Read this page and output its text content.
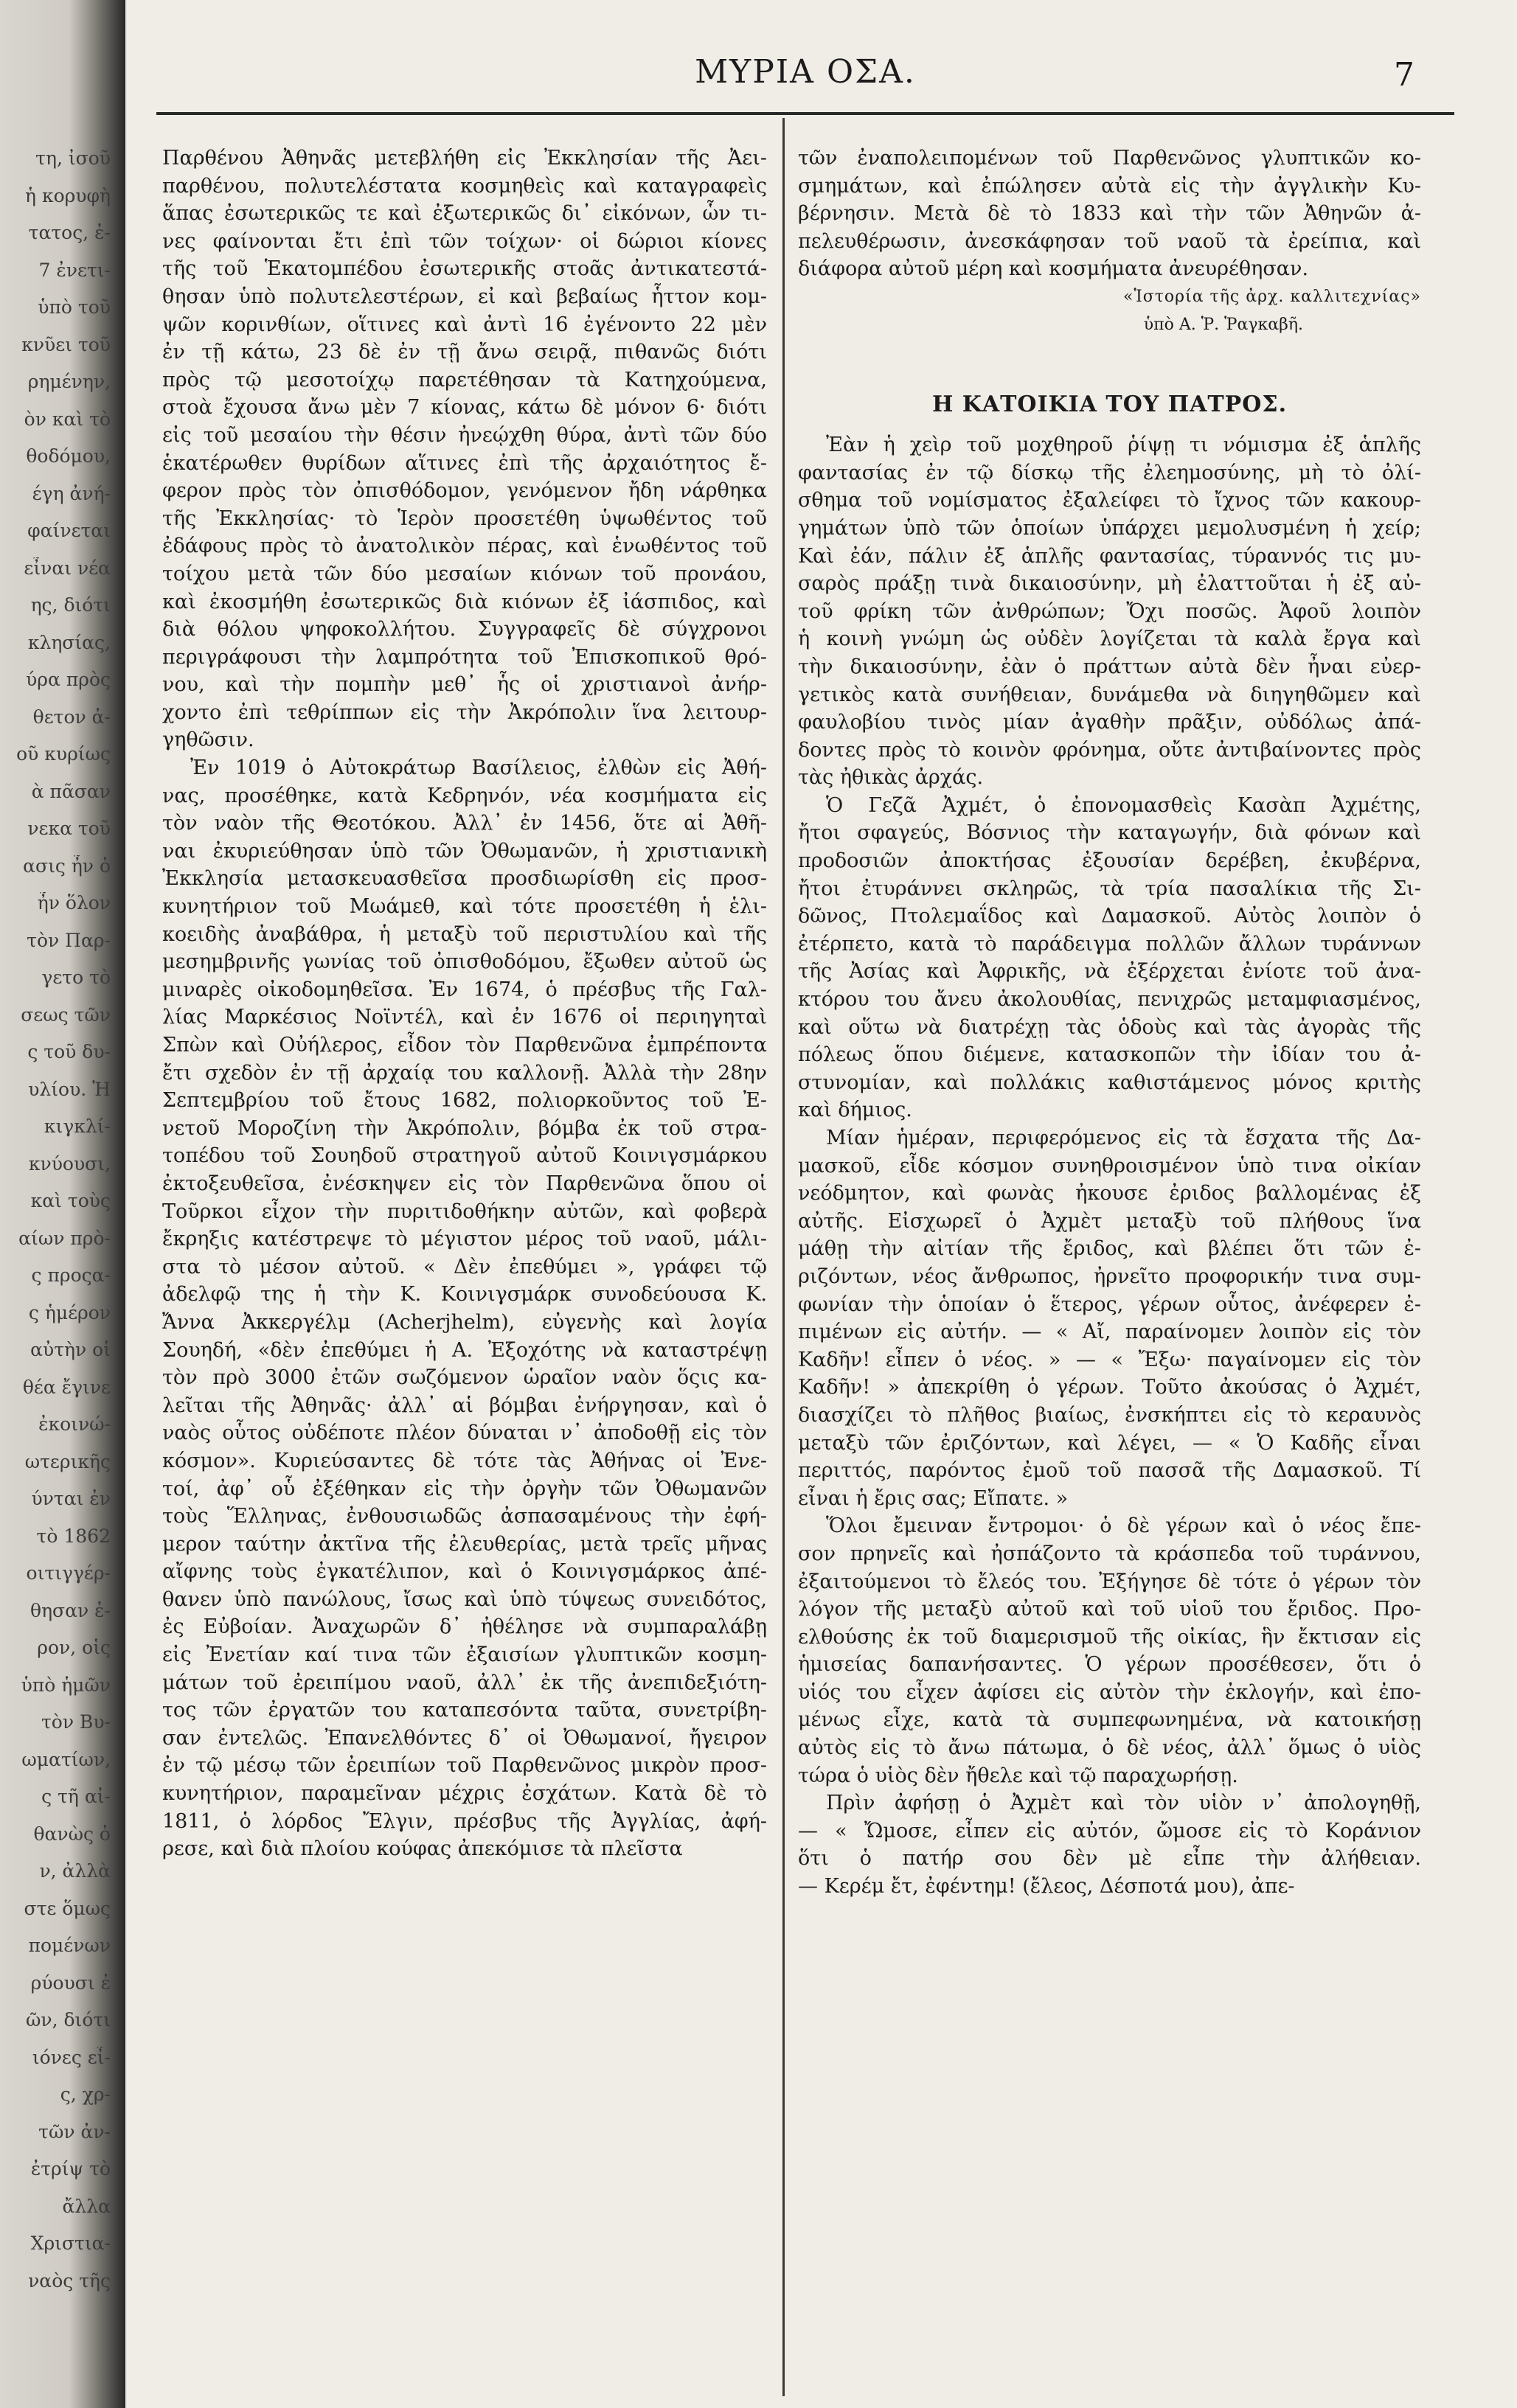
τη, ἰσοῦ
ἡ κορυφὴ
τατος, ἐ-
7 ἐνετι-
ὑπὸ τοῦ
κνῦει τοῦ
ρημένην,
ὸν καὶ τὸ
θοδόμου,
έγη ἀνή-
φαίνεται
εἶναι νέα
ης, διότι
κλησίας,
ύρα πρὸς
θετον ἀ-
οῦ κυρίως
ὰ πᾶσαν
νεκα τοῦ
ασις ἦν ὁ
ἦν ὅλον
τὸν Παρ-
γετο τὸ
σεως τῶν
ς τοῦ δυ-
υλίου. Ἡ
κιγκλί-
κνύουσι,
καὶ τοὺς
αίων πρὸ-
ς προςα-
ς ἡμέρον
αὐτὴν οἱ
θέα ἔγινε
ἐκοινώ-
ωτερικῆς
ύνται ἐν
τὸ 1862
οιτιγγέρ-
θησαν ἐ-
ρον, οἱς
ὑπὸ ἡμῶν
τὸν Βυ-
ωματίων,
ς τῆ αἰ-
θανὼς ὁ
ν, ἀλλὰ
στε ὅμως
πομένων
ρύουσι ἐ
ῶν, διότι
ιόνες εἶ-
ς, χρ-
τῶν ἀν-
ἐτρίψ τὸ
ἄλλα
Χριστια-
ναὸς τῆς
ΜΥΡΙΑ ΟΣΑ.	7
Παρθένου Ἀθηνᾶς μετεβλήθη εἰς Ἐκκλησίαν τῆς Ἀει-
παρθένου, πολυτελέστατα κοσμηθεὶς καὶ καταγραφεὶς
ἅπας ἐσωτερικῶς τε καὶ ἐξωτερικῶς δι᾽ εἰκόνων, ὧν τι-
νες φαίνονται ἔτι ἐπὶ τῶν τοίχων· οἱ δώριοι κίονες
τῆς τοῦ Ἑκατομπέδου ἐσωτερικῆς στοᾶς ἀντικατεστά-
θησαν ὑπὸ πολυτελεστέρων, εἰ καὶ βεβαίως ἧττον κομ-
ψῶν κορινθίων, οἵτινες καὶ ἀντὶ 16 ἐγένοντο 22 μὲν
ἐν τῇ κάτω, 23 δὲ ἐν τῇ ἄνω σειρᾷ, πιθανῶς διότι
πρὸς τῷ μεσοτοίχῳ παρετέθησαν τὰ Κατηχούμενα,
στοὰ ἔχουσα ἄνω μὲν 7 κίονας, κάτω δὲ μόνον 6· διότι
εἰς τοῦ μεσαίου τὴν θέσιν ἠνεῴχθη θύρα, ἀντὶ τῶν δύο
ἑκατέρωθεν θυρίδων αἵτινες ἐπὶ τῆς ἀρχαιότητος ἔ-
φερον πρὸς τὸν ὀπισθόδομον, γενόμενον ἤδη νάρθηκα
τῆς Ἐκκλησίας· τὸ Ἱερὸν προσετέθη ὑψωθέντος τοῦ
ἐδάφους πρὸς τὸ ἀνατολικὸν πέρας, καὶ ἑνωθέντος τοῦ
τοίχου μετὰ τῶν δύο μεσαίων κιόνων τοῦ προνάου,
καὶ ἐκοσμήθη ἐσωτερικῶς διὰ κιόνων ἐξ ἰάσπιδος, καὶ
διὰ θόλου ψηφοκολλήτου. Συγγραφεῖς δὲ σύγχρονοι
περιγράφουσι τὴν λαμπρότητα τοῦ Ἐπισκοπικοῦ θρό-
νου, καὶ τὴν πομπὴν μεθ᾽ ἧς οἱ χριστιανοὶ ἀνήρ-
χοντο ἐπὶ τεθρίππων εἰς τὴν Ἀκρόπολιν ἵνα λειτουρ-
γηθῶσιν.
Ἐν 1019 ὁ Αὐτοκράτωρ Βασίλειος, ἐλθὼν εἰς Ἀθή-
νας, προσέθηκε, κατὰ Κεδρηνόν, νέα κοσμήματα εἰς
τὸν ναὸν τῆς Θεοτόκου. Ἀλλ᾽ ἐν 1456, ὅτε αἱ Ἀθῆ-
ναι ἐκυριεύθησαν ὑπὸ τῶν Ὀθωμανῶν, ἡ χριστιανικὴ
Ἐκκλησία μετασκευασθεῖσα προσδιωρίσθη εἰς προσ-
κυνητήριον τοῦ Μωάμεθ, καὶ τότε προσετέθη ἡ ἑλι-
κοειδὴς ἀναβάθρα, ἡ μεταξὺ τοῦ περιστυλίου καὶ τῆς
μεσημβρινῆς γωνίας τοῦ ὀπισθοδόμου, ἔξωθεν αὐτοῦ ὡς
μιναρὲς οἰκοδομηθεῖσα. Ἐν 1674, ὁ πρέσβυς τῆς Γαλ-
λίας Μαρκέσιος Νοϊντέλ, καὶ ἐν 1676 οἱ περιηγηταὶ
Σπὼν καὶ Οὐήλερος, εἶδον τὸν Παρθενῶνα ἐμπρέποντα
ἔτι σχεδὸν ἐν τῇ ἀρχαίᾳ του καλλονῇ. Ἀλλὰ τὴν 28ην
Σεπτεμβρίου τοῦ ἔτους 1682, πολιορκοῦντος τοῦ Ἐ-
νετοῦ Μοροζίνη τὴν Ἀκρόπολιν, βόμβα ἐκ τοῦ στρα-
τοπέδου τοῦ Σουηδοῦ στρατηγοῦ αὐτοῦ Κοινιγσμάρκου
ἐκτοξευθεῖσα, ἐνέσκηψεν εἰς τὸν Παρθενῶνα ὅπου οἱ
Τοῦρκοι εἶχον τὴν πυριτιδοθήκην αὐτῶν, καὶ φοβερὰ
ἔκρηξις κατέστρεψε τὸ μέγιστον μέρος τοῦ ναοῦ, μάλι-
στα τὸ μέσον αὐτοῦ. « Δὲν ἐπεθύμει », γράφει τῷ
ἀδελφῷ της ἡ τὴν Κ. Κοινιγσμάρκ συνοδεύουσα Κ.
Ἄννα Ἀκκεργέλμ (Acherjhelm), εὐγενὴς καὶ λογία
Σουηδή, «δὲν ἐπεθύμει ἡ Α. Ἐξοχότης νὰ καταστρέψῃ
τὸν πρὸ 3000 ἐτῶν σωζόμενον ὡραῖον ναὸν ὅςις κα-
λεῖται τῆς Ἀθηνᾶς· ἀλλ᾽ αἱ βόμβαι ἐνήργησαν, καὶ ὁ
ναὸς οὗτος οὐδέποτε πλέον δύναται ν᾽ ἀποδοθῇ εἰς τὸν
κόσμον». Κυριεύσαντες δὲ τότε τὰς Ἀθήνας οἱ Ἐνε-
τοί, ἀφ᾽ οὗ ἐξέθηκαν εἰς τὴν ὀργὴν τῶν Ὀθωμανῶν
τοὺς Ἕλληνας, ἐνθουσιωδῶς ἀσπασαμένους τὴν ἐφή-
μερον ταύτην ἀκτῖνα τῆς ἐλευθερίας, μετὰ τρεῖς μῆνας
αἴφνης τοὺς ἐγκατέλιπον, καὶ ὁ Κοινιγσμάρκος ἀπέ-
θανεν ὑπὸ πανώλους, ἴσως καὶ ὑπὸ τύψεως συνειδότος,
ἐς Εὐβοίαν. Ἀναχωρῶν δ᾽ ἠθέλησε νὰ συμπαραλάβῃ
εἰς Ἐνετίαν καί τινα τῶν ἐξαισίων γλυπτικῶν κοσμη-
μάτων τοῦ ἐρειπίμου ναοῦ, ἀλλ᾽ ἐκ τῆς ἀνεπιδεξιότη-
τος τῶν ἐργατῶν του καταπεσόντα ταῦτα, συνετρίβη-
σαν ἐντελῶς. Ἐπανελθόντες δ᾽ οἱ Ὀθωμανοί, ἤγειρον
ἐν τῷ μέσῳ τῶν ἐρειπίων τοῦ Παρθενῶνος μικρὸν προσ-
κυνητήριον, παραμεῖναν μέχρις ἐσχάτων. Κατὰ δὲ τὸ
1811, ὁ λόρδος Ἔλγιν, πρέσβυς τῆς Ἀγγλίας, ἀφή-
ρεσε, καὶ διὰ πλοίου κούφας ἀπεκόμισε τὰ πλεῖστα
τῶν ἐναπολειπομένων τοῦ Παρθενῶνος γλυπτικῶν κο-
σμημάτων, καὶ ἐπώλησεν αὐτὰ εἰς τὴν ἀγγλικὴν Κυ-
βέρνησιν. Μετὰ δὲ τὸ 1833 καὶ τὴν τῶν Ἀθηνῶν ἀ-
πελευθέρωσιν, ἀνεσκάφησαν τοῦ ναοῦ τὰ ἐρείπια, καὶ
διάφορα αὐτοῦ μέρη καὶ κοσμήματα ἀνευρέθησαν.
«Ἱστορία τῆς ἀρχ. καλλιτεχνίας»
ὑπὸ Α. Ῥ. Ῥαγκαβῆ.
Η ΚΑΤΟΙΚΙΑ ΤΟΥ ΠΑΤΡΟΣ.
Ἐὰν ἡ χεὶρ τοῦ μοχθηροῦ ῥίψῃ τι νόμισμα ἐξ ἁπλῆς
φαντασίας ἐν τῷ δίσκῳ τῆς ἐλεημοσύνης, μὴ τὸ ὀλί-
σθημα τοῦ νομίσματος ἐξαλείφει τὸ ἴχνος τῶν κακουρ-
γημάτων ὑπὸ τῶν ὁποίων ὑπάρχει μεμολυσμένη ἡ χείρ;
Καὶ ἐάν, πάλιν ἐξ ἁπλῆς φαντασίας, τύραννός τις μυ-
σαρὸς πράξῃ τινὰ δικαιοσύνην, μὴ ἐλαττοῦται ἡ ἐξ αὐ-
τοῦ φρίκη τῶν ἀνθρώπων; Ὄχι ποσῶς. Ἀφοῦ λοιπὸν
ἡ κοινὴ γνώμη ὡς οὐδὲν λογίζεται τὰ καλὰ ἔργα καὶ
τὴν δικαιοσύνην, ἐὰν ὁ πράττων αὐτὰ δὲν ἦναι εὐερ-
γετικὸς κατὰ συνήθειαν, δυνάμεθα νὰ διηγηθῶμεν καὶ
φαυλοβίου τινὸς μίαν ἀγαθὴν πρᾶξιν, οὐδόλως ἀπά-
δοντες πρὸς τὸ κοινὸν φρόνημα, οὔτε ἀντιβαίνοντες πρὸς
τὰς ἠθικὰς ἀρχάς.
Ὁ Γεζᾶ Ἀχμέτ, ὁ ἐπονομασθεὶς Κασὰπ Ἀχμέτης,
ἤτοι σφαγεύς, Βόσνιος τὴν καταγωγήν, διὰ φόνων καὶ
προδοσιῶν ἀποκτήσας ἐξουσίαν δερέβεη, ἐκυβέρνα,
ἤτοι ἐτυράννει σκληρῶς, τὰ τρία πασαλίκια τῆς Σι-
δῶνος, Πτολεμαΐδος καὶ Δαμασκοῦ. Αὐτὸς λοιπὸν ὁ
ἐτέρπετο, κατὰ τὸ παράδειγμα πολλῶν ἄλλων τυράννων
τῆς Ἀσίας καὶ Ἀφρικῆς, νὰ ἐξέρχεται ἐνίοτε τοῦ ἀνα-
κτόρου του ἄνευ ἀκολουθίας, πενιχρῶς μεταμφιασμένος,
καὶ οὕτω νὰ διατρέχῃ τὰς ὁδοὺς καὶ τὰς ἀγορὰς τῆς
πόλεως ὅπου διέμενε, κατασκοπῶν τὴν ἰδίαν του ἀ-
στυνομίαν, καὶ πολλάκις καθιστάμενος μόνος κριτὴς
καὶ δήμιος.
Μίαν ἡμέραν, περιφερόμενος εἰς τὰ ἔσχατα τῆς Δα-
μασκοῦ, εἶδε κόσμον συνηθροισμένον ὑπὸ τινα οἰκίαν
νεόδμητον, καὶ φωνὰς ἠκουσε ἐριδος βαλλομένας ἐξ
αὐτῆς. Εἰσχωρεῖ ὁ Ἀχμὲτ μεταξὺ τοῦ πλήθους ἵνα
μάθῃ τὴν αἰτίαν τῆς ἔριδος, καὶ βλέπει ὅτι τῶν ἐ-
ριζόντων, νέος ἄνθρωπος, ἠρνεῖτο προφορικήν τινα συμ-
φωνίαν τὴν ὁποίαν ὁ ἕτερος, γέρων οὗτος, ἀνέφερεν ἐ-
πιμένων εἰς αὐτήν. — « Αἴ, παραίνομεν λοιπὸν εἰς τὸν
Καδῆν! εἶπεν ὁ νέος. » — « Ἔξω· παγαίνομεν εἰς τὸν
Καδῆν! » ἀπεκρίθη ὁ γέρων. Τοῦτο ἀκούσας ὁ Ἀχμέτ,
διασχίζει τὸ πλῆθος βιαίως, ἐνσκήπτει εἰς τὸ κεραυνὸς
μεταξὺ τῶν ἐριζόντων, καὶ λέγει, — « Ὁ Καδῆς εἶναι
περιττός, παρόντος ἐμοῦ τοῦ πασσᾶ τῆς Δαμασκοῦ. Τί
εἶναι ἡ ἔρις σας; Εἴπατε. »
Ὅλοι ἔμειναν ἔντρομοι· ὁ δὲ γέρων καὶ ὁ νέος ἔπε-
σον πρηνεῖς καὶ ἠσπάζοντο τὰ κράσπεδα τοῦ τυράννου,
ἐξαιτούμενοι τὸ ἔλεός του. Ἐξήγησε δὲ τότε ὁ γέρων τὸν
λόγον τῆς μεταξὺ αὐτοῦ καὶ τοῦ υἱοῦ του ἔριδος. Προ-
ελθούσης ἐκ τοῦ διαμερισμοῦ τῆς οἰκίας, ἣν ἔκτισαν εἰς
ἡμισείας δαπανήσαντες. Ὁ γέρων προσέθεσεν, ὅτι ὁ
υἱός του εἶχεν ἀφίσει εἰς αὐτὸν τὴν ἐκλογήν, καὶ ἐπο-
μένως εἶχε, κατὰ τὰ συμπεφωνημένα, νὰ κατοικήσῃ
αὐτὸς εἰς τὸ ἄνω πάτωμα, ὁ δὲ νέος, ἀλλ᾽ ὅμως ὁ υἱὸς
τώρα ὁ υἱὸς δὲν ἤθελε καὶ τῷ παραχωρήσῃ.
Πρὶν ἀφήσῃ ὁ Ἀχμὲτ καὶ τὸν υἱὸν ν᾽ ἀπολογηθῇ,
— « Ὤμοσε, εἶπεν εἰς αὐτόν, ὤμοσε εἰς τὸ Κοράνιον
ὅτι ὁ πατήρ σου δὲν μὲ εἶπε τὴν ἀλήθειαν.
— Κερέμ ἔτ, ἐφέντημ! (ἔλεος, Δέσποτά μου), ἀπε-
